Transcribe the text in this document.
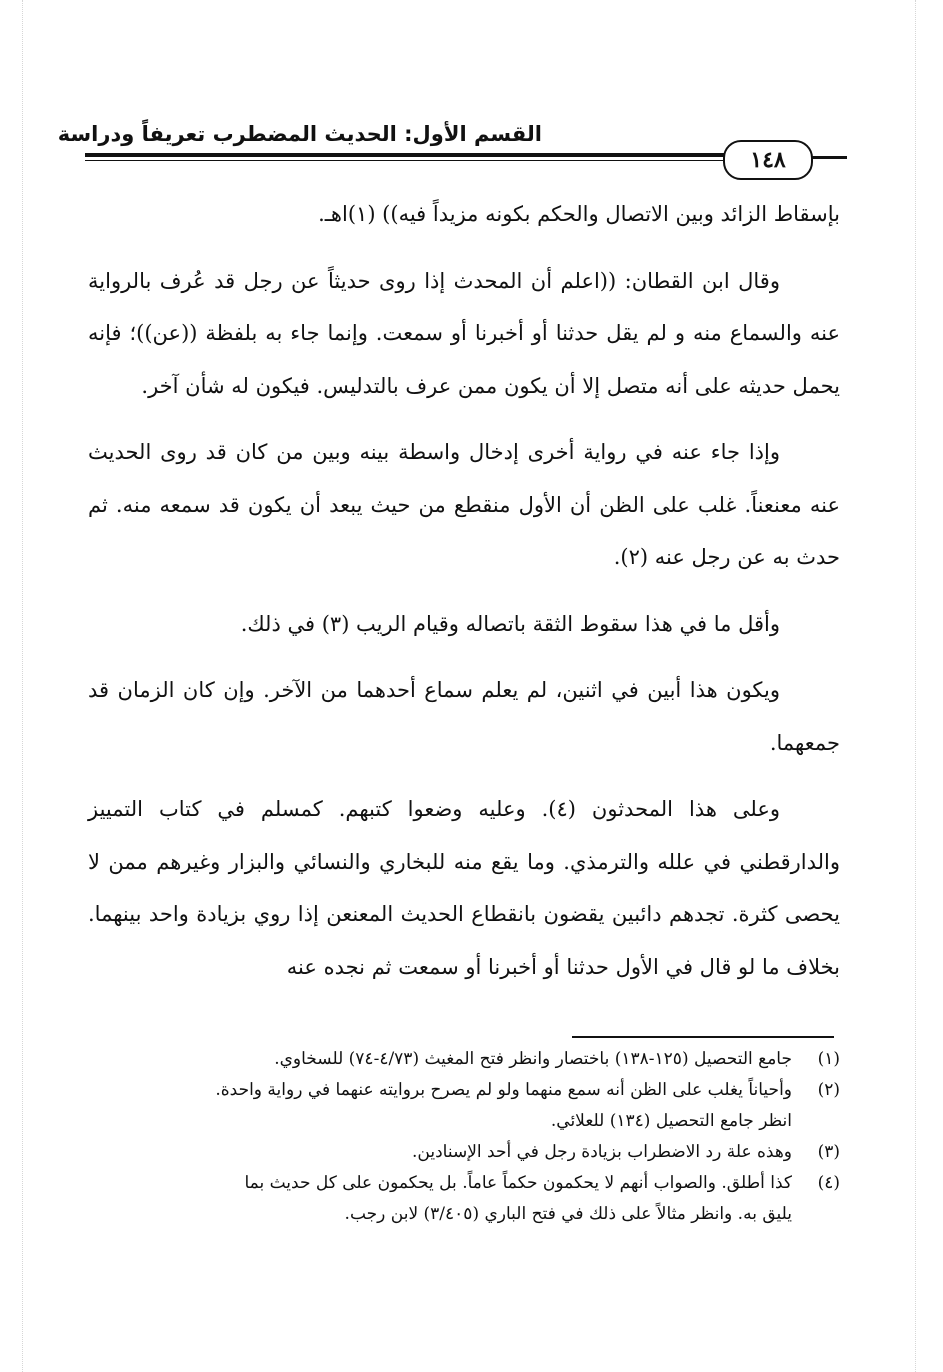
القسم الأول: الحديث المضطرب تعريفاً ودراسة
١٤٨

بإسقاط الزائد وبين الاتصال والحكم بكونه مزيداً فيه)) (١)اهـ.

وقال ابن القطان: ((اعلم أن المحدث إذا روى حديثاً عن رجل قد عُرف بالرواية عنه والسماع منه و لم يقل حدثنا أو أخبرنا أو سمعت. وإنما جاء به بلفظة ((عن))؛ فإنه يحمل حديثه على أنه متصل إلا أن يكون ممن عرف بالتدليس. فيكون له شأن آخر.

وإذا جاء عنه في رواية أخرى إدخال واسطة بينه وبين من كان قد روى الحديث عنه معنعناً. غلب على الظن أن الأول منقطع من حيث يبعد أن يكون قد سمعه منه. ثم حدث به عن رجل عنه (٢).

وأقل ما في هذا سقوط الثقة باتصاله وقيام الريب (٣) في ذلك.

ويكون هذا أبين في اثنين، لم يعلم سماع أحدهما من الآخر. وإن كان الزمان قد جمعهما.

وعلى هذا المحدثون (٤). وعليه وضعوا كتبهم. كمسلم في كتاب التمييز والدارقطني في علله والترمذي. وما يقع منه للبخاري والنسائي والبزار وغيرهم ممن لا يحصى كثرة. تجدهم دائبين يقضون بانقطاع الحديث المعنعن إذا روي بزيادة واحد بينهما. بخلاف ما لو قال في الأول حدثنا أو أخبرنا أو سمعت ثم نجده عنه

(١)
جامع التحصيل (١٢٥-١٣٨) باختصار وانظر فتح المغيث (٤/٧٣-٧٤) للسخاوي.
(٢)
وأحياناً يغلب على الظن أنه سمع منهما ولو لم يصرح بروايته عنهما في رواية واحدة.
انظر جامع التحصيل (١٣٤) للعلائي.
(٣)
وهذه علة رد الاضطراب بزيادة رجل في أحد الإسنادين.
(٤)
كذا أطلق. والصواب أنهم لا يحكمون حكماً عاماً. بل يحكمون على كل حديث بما
يليق به. وانظر مثالاً على ذلك في فتح الباري (٣/٤٠٥) لابن رجب.
